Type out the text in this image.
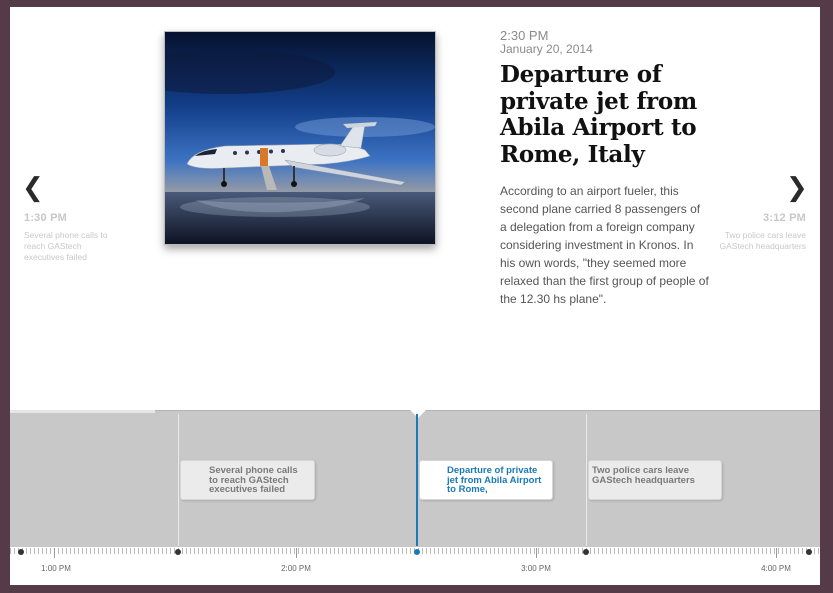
❮
1:30 PM
Several phone calls to reach GAStech executives failed
2:30 PM
January 20, 2014
Departure of private jet from Abila Airport to Rome, Italy
According to an airport fueler, this second plane carried 8 passengers of a delegation from a foreign company considering investment in Kronos. In his own words, "they seemed more relaxed than the first group of people of the 12.30 hs plane".
3:12 PM
Two police cars leave GAStech headquarters
❯
Several phone calls to reach GAStech executives failed
Departure of private jet from Abila Airport to Rome,
Two police cars leave GAStech headquarters
1:00 PM	2:00 PM	3:00 PM	4:00 PM
